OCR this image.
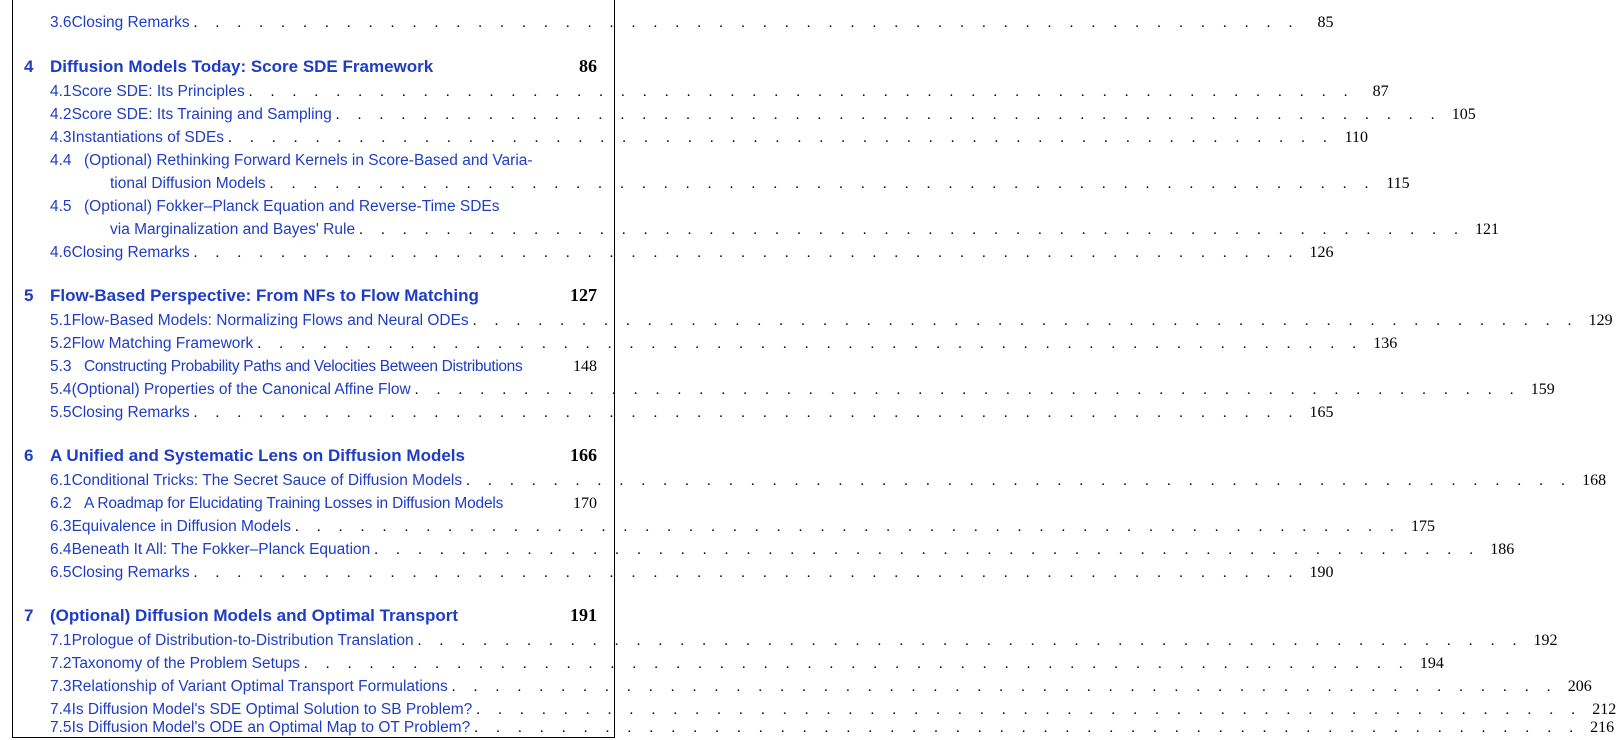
3.6 Closing Remarks . . . . . . . . . . . . . . . . . . . . . . . . . . . . . . . . . . . . . . . . . . . . . . . . . . .	85
4 Diffusion Models Today: Score SDE Framework	86
4.1 Score SDE: Its Principles . . . . . . . . . . . . . . . . . . . . . . . . . . . . . . . . . . . . . . . . . . . . . . . . . . .	87
4.2 Score SDE: Its Training and Sampling . . . . . . . . . . . . . . . . . . . . . . . . . . . . . . . . . . . . . . . . . . . . . . . . . . . 105
4.3 Instantiations of SDEs . . . . . . . . . . . . . . . . . . . . . . . . . . . . . . . . . . . . . . . . . . . . . . . . . . . 110
4.4 (Optional) Rethinking Forward Kernels in Score-Based and Varia-
tional Diffusion Models . . . . . . . . . . . . . . . . . . . . . . . . . . . . . . . . . . . . . . . . . . . . . . . . . . . 115
4.5 (Optional) Fokker–Planck Equation and Reverse-Time SDEs
via Marginalization and Bayes' Rule . . . . . . . . . . . . . . . . . . . . . . . . . . . . . . . . . . . . . . . . . . . . . . . . . . . 121
4.6 Closing Remarks . . . . . . . . . . . . . . . . . . . . . . . . . . . . . . . . . . . . . . . . . . . . . . . . . . . 126
5 Flow-Based Perspective: From NFs to Flow Matching	127
5.1 Flow-Based Models: Normalizing Flows and Neural ODEs . . . . . . . . . . . . . . . . . . . . . . . . . . . . . . . . . . . . . . . . . . . . . . . . . . . 129
5.2 Flow Matching Framework . . . . . . . . . . . . . . . . . . . . . . . . . . . . . . . . . . . . . . . . . . . . . . . . . . . 136
5.3 Constructing Probability Paths and Velocities Between Distributions	148
5.4 (Optional) Properties of the Canonical Affine Flow . . . . . . . . . . . . . . . . . . . . . . . . . . . . . . . . . . . . . . . . . . . . . . . . . . . 159
5.5 Closing Remarks . . . . . . . . . . . . . . . . . . . . . . . . . . . . . . . . . . . . . . . . . . . . . . . . . . . 165
6 A Unified and Systematic Lens on Diffusion Models	166
6.1 Conditional Tricks: The Secret Sauce of Diffusion Models . . . . . . . . . . . . . . . . . . . . . . . . . . . . . . . . . . . . . . . . . . . . . . . . . . . 168
6.2 A Roadmap for Elucidating Training Losses in Diffusion Models	170
6.3 Equivalence in Diffusion Models . . . . . . . . . . . . . . . . . . . . . . . . . . . . . . . . . . . . . . . . . . . . . . . . . . . 175
6.4 Beneath It All: The Fokker–Planck Equation . . . . . . . . . . . . . . . . . . . . . . . . . . . . . . . . . . . . . . . . . . . . . . . . . . . 186
6.5 Closing Remarks . . . . . . . . . . . . . . . . . . . . . . . . . . . . . . . . . . . . . . . . . . . . . . . . . . . 190
7 (Optional) Diffusion Models and Optimal Transport	191
7.1 Prologue of Distribution-to-Distribution Translation . . . . . . . . . . . . . . . . . . . . . . . . . . . . . . . . . . . . . . . . . . . . . . . . . . . 192
7.2 Taxonomy of the Problem Setups . . . . . . . . . . . . . . . . . . . . . . . . . . . . . . . . . . . . . . . . . . . . . . . . . . . 194
7.3 Relationship of Variant Optimal Transport Formulations . . . . . . . . . . . . . . . . . . . . . . . . . . . . . . . . . . . . . . . . . . . . . . . . . . . 206
7.4 Is Diffusion Model's SDE Optimal Solution to SB Problem? . . . . . . . . . . . . . . . . . . . . . . . . . . . . . . . . . . . . . . . . . . . . . . . . . . . 212
7.5 Is Diffusion Model's ODE an Optimal Map to OT Problem? . . . . . . . . . . . . . . . . . . . . . . . . . . . . . . . . . . . . . . . . . . . . . . . . . . . 216
